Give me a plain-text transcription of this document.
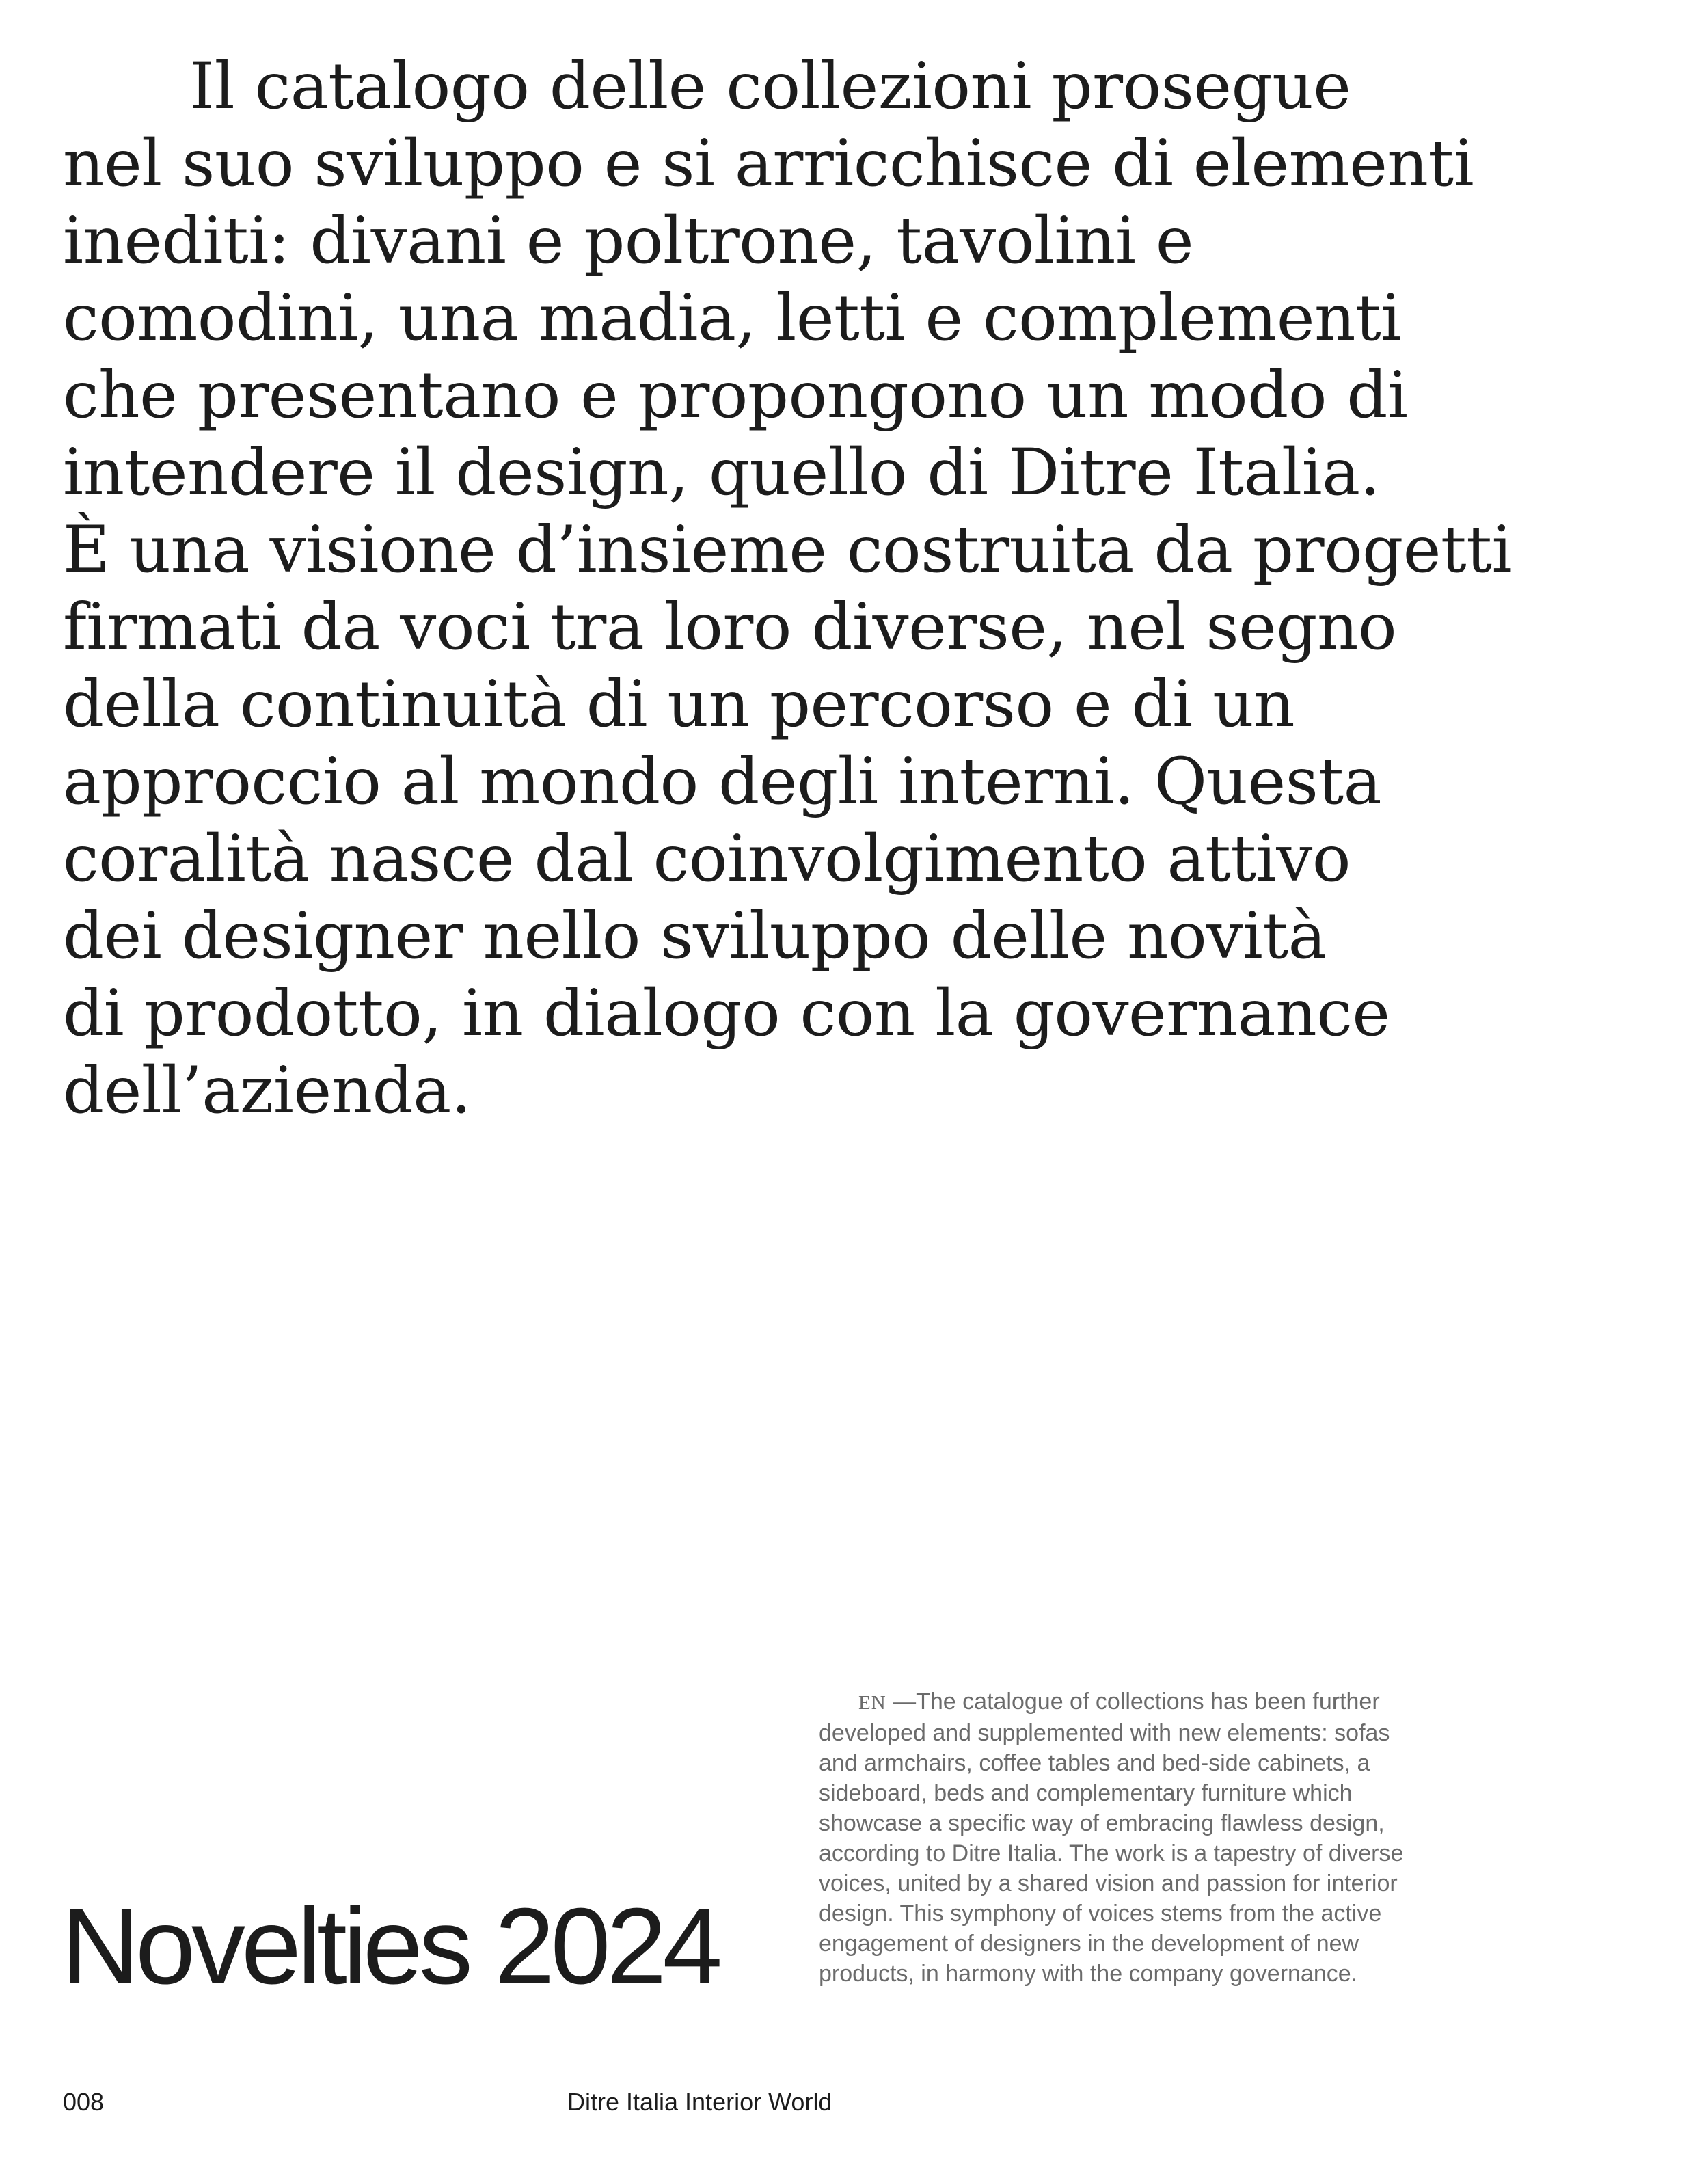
Il catalogo delle collezioni prosegue
nel suo sviluppo e si arricchisce di elementi
inediti: divani e poltrone, tavolini e
comodini, una madia, letti e complementi
che presentano e propongono un modo di
intendere il design, quello di Ditre Italia.
È una visione d’insieme costruita da progetti
firmati da voci tra loro diverse, nel segno
della continuità di un percorso e di un
approccio al mondo degli interni. Questa
coralità nasce dal coinvolgimento attivo
dei designer nello sviluppo delle novità
di prodotto, in dialogo con la governance
dell’azienda.
Novelties 2024
EN —The catalogue of collections has been further
developed and supplemented with new elements: sofas
and armchairs, coffee tables and bed-side cabinets, a
sideboard, beds and complementary furniture which
showcase a specific way of embracing flawless design,
according to Ditre Italia. The work is a tapestry of diverse
voices, united by a shared vision and passion for interior
design. This symphony of voices stems from the active
engagement of designers in the development of new
products, in harmony with the company governance.
008	Ditre Italia Interior World
